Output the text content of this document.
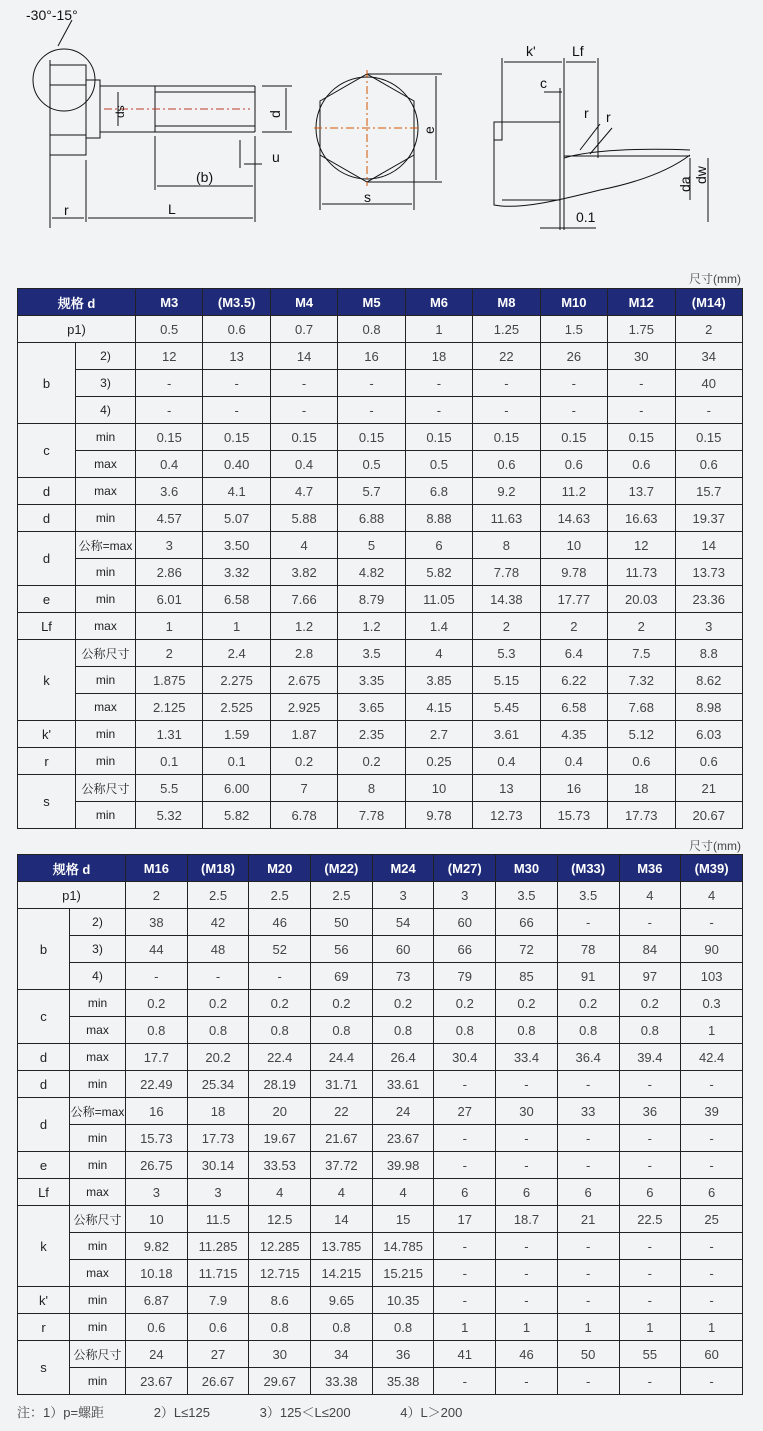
-30°-15°
ds	d
u
(b)
r	L
e
s
k'	Lf
c
r r
da
dw
0.1
尺寸(mm)
规格 d		M3	(M3.5)	M4	M5	M6	M8	M10	M12	(M14)
p1)		0.5	0.6	0.7	0.8	1	1.25	1.5	1.75	2
b	2)	12	13	14	16	18	22	26	30	34
	3)	-	-	-	-	-	-	-	-	40
	4)	-	-	-	-	-	-	-	-	-
c	min	0.15	0.15	0.15	0.15	0.15	0.15	0.15	0.15	0.15
	max	0.4	0.40	0.4	0.5	0.5	0.6	0.6	0.6	0.6
d	max	3.6	4.1	4.7	5.7	6.8	9.2	11.2	13.7	15.7
d	min	4.57	5.07	5.88	6.88	8.88	11.63	14.63	16.63	19.37
d	公称=max	3	3.50	4	5	6	8	10	12	14
	min	2.86	3.32	3.82	4.82	5.82	7.78	9.78	11.73	13.73
e	min	6.01	6.58	7.66	8.79	11.05	14.38	17.77	20.03	23.36
Lf	max	1	1	1.2	1.2	1.4	2	2	2	3
k	公称尺寸	2	2.4	2.8	3.5	4	5.3	6.4	7.5	8.8
	min	1.875	2.275	2.675	3.35	3.85	5.15	6.22	7.32	8.62
	max	2.125	2.525	2.925	3.65	4.15	5.45	6.58	7.68	8.98
k'	min	1.31	1.59	1.87	2.35	2.7	3.61	4.35	5.12	6.03
r	min	0.1	0.1	0.2	0.2	0.25	0.4	0.4	0.6	0.6
s	公称尺寸	5.5	6.00	7	8	10	13	16	18	21
	min	5.32	5.82	6.78	7.78	9.78	12.73	15.73	17.73	20.67
尺寸(mm)
规格 d		M16	(M18)	M20	(M22)	M24	(M27)	M30	(M33)	M36	(M39)
p1)		2	2.5	2.5	2.5	3	3	3.5	3.5	4	4
b	2)	38	42	46	50	54	60	66	-	-	-
	3)	44	48	52	56	60	66	72	78	84	90
	4)	-	-	-	69	73	79	85	91	97	103
c	min	0.2	0.2	0.2	0.2	0.2	0.2	0.2	0.2	0.2	0.3
	max	0.8	0.8	0.8	0.8	0.8	0.8	0.8	0.8	0.8	1
d	max	17.7	20.2	22.4	24.4	26.4	30.4	33.4	36.4	39.4	42.4
d	min	22.49	25.34	28.19	31.71	33.61	-	-	-	-	-
d	公称=max	16	18	20	22	24	27	30	33	36	39
	min	15.73	17.73	19.67	21.67	23.67	-	-	-	-	-
e	min	26.75	30.14	33.53	37.72	39.98	-	-	-	-	-
Lf	max	3	3	4	4	4	6	6	6	6	6
k	公称尺寸	10	11.5	12.5	14	15	17	18.7	21	22.5	25
	min	9.82	11.285	12.285	13.785	14.785	-	-	-	-	-
	max	10.18	11.715	12.715	14.215	15.215	-	-	-	-	-
k'	min	6.87	7.9	8.6	9.65	10.35	-	-	-	-	-
r	min	0.6	0.6	0.8	0.8	0.8	1	1	1	1	1
s	公称尺寸	24	27	30	34	36	41	46	50	55	60
	min	23.67	26.67	29.67	33.38	35.38	-	-	-	-	-
注：1）p=螺距	2）L≤125	3）125＜L≤200	4）L＞200
